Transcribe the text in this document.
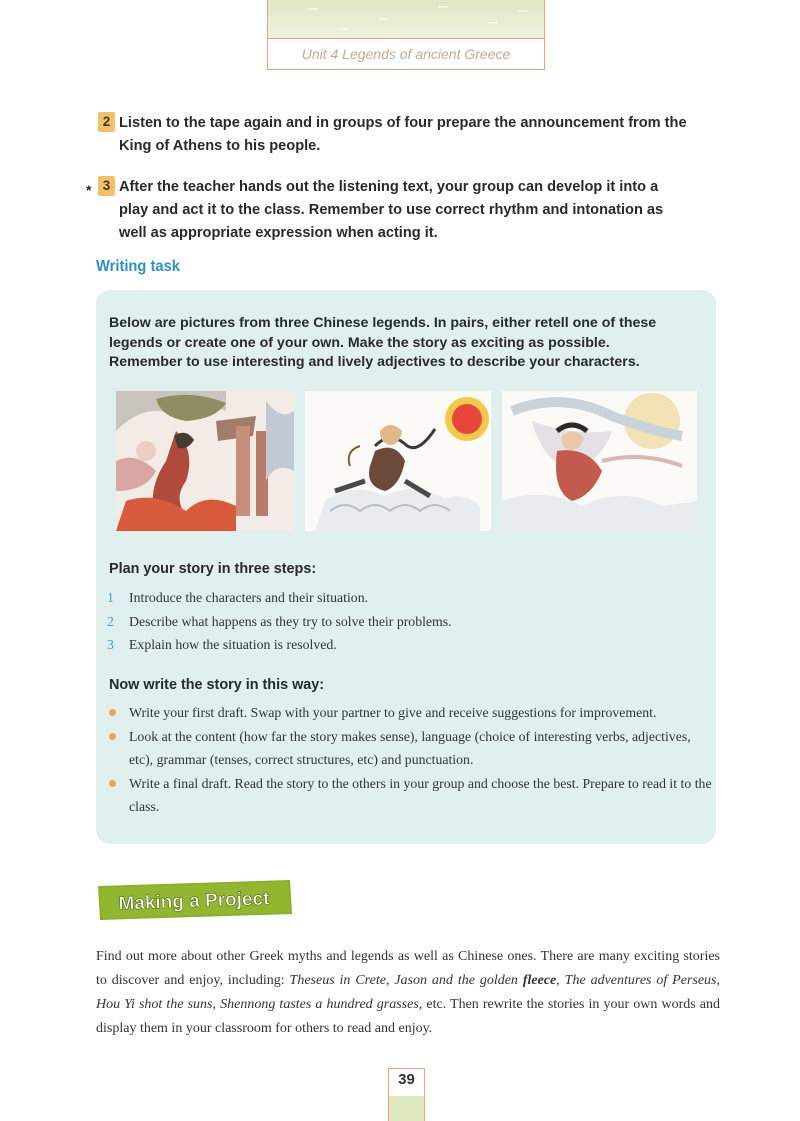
Unit 4 Legends of ancient Greece
2 Listen to the tape again and in groups of four prepare the announcement from the
King of Athens to his people.
* 3 After the teacher hands out the listening text, your group can develop it into a
play and act it to the class. Remember to use correct rhythm and intonation as
well as appropriate expression when acting it.
Writing task
Below are pictures from three Chinese legends. In pairs, either retell one of these
legends or create one of your own. Make the story as exciting as possible.
Remember to use interesting and lively adjectives to describe your characters.
Plan your story in three steps:
1	Introduce the characters and their situation.
2	Describe what happens as they try to solve their problems.
3	Explain how the situation is resolved.
Now write the story in this way:
Write your first draft. Swap with your partner to give and receive suggestions for improvement.
Look at the content (how far the story makes sense), language (choice of interesting verbs, adjectives, etc), grammar (tenses, correct structures, etc) and punctuation.
Write a final draft. Read the story to the others in your group and choose the best. Prepare to read it to the class.
Making a Project

Find out more about other Greek myths and legends as well as Chinese ones. There are many exciting stories to discover and enjoy, including: Theseus in Crete, Jason and the golden fleece, The adventures of Perseus, Hou Yi shot the suns, Shennong tastes a hundred grasses, etc. Then rewrite the stories in your own words and display them in your classroom for others to read and enjoy.

39
